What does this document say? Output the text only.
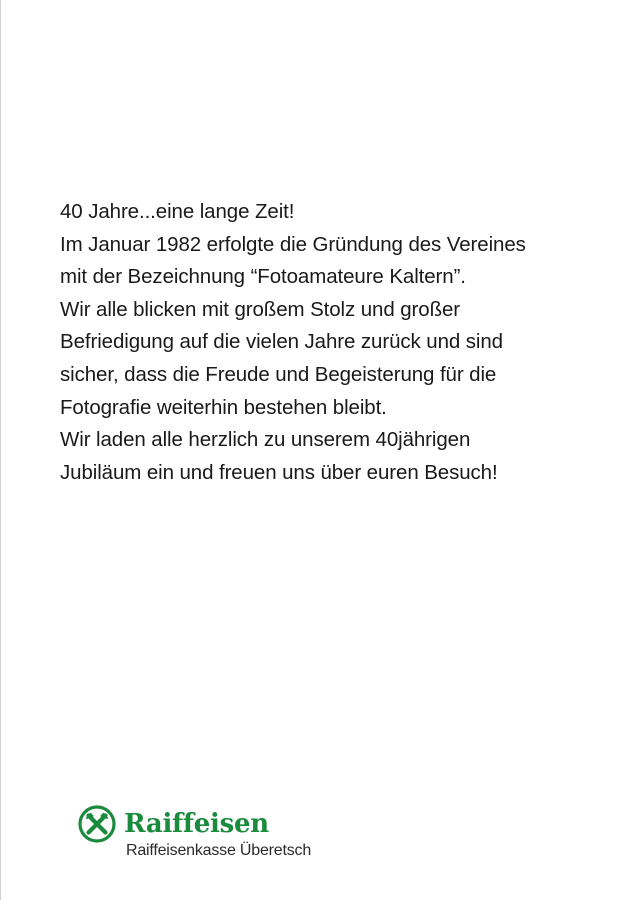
40 Jahre...eine lange Zeit!

Im Januar 1982 erfolgte die Gründung des Vereines

mit der Bezeichnung “Fotoamateure Kaltern”.

Wir alle blicken mit großem Stolz und großer

Befriedigung auf die vielen Jahre zurück und sind

sicher, dass die Freude und Begeisterung für die

Fotografie weiterhin bestehen bleibt.

Wir laden alle herzlich zu unserem 40jährigen

Jubiläum ein und freuen uns über euren Besuch!

Raiffeisen
Raiffeisenkasse Überetsch
